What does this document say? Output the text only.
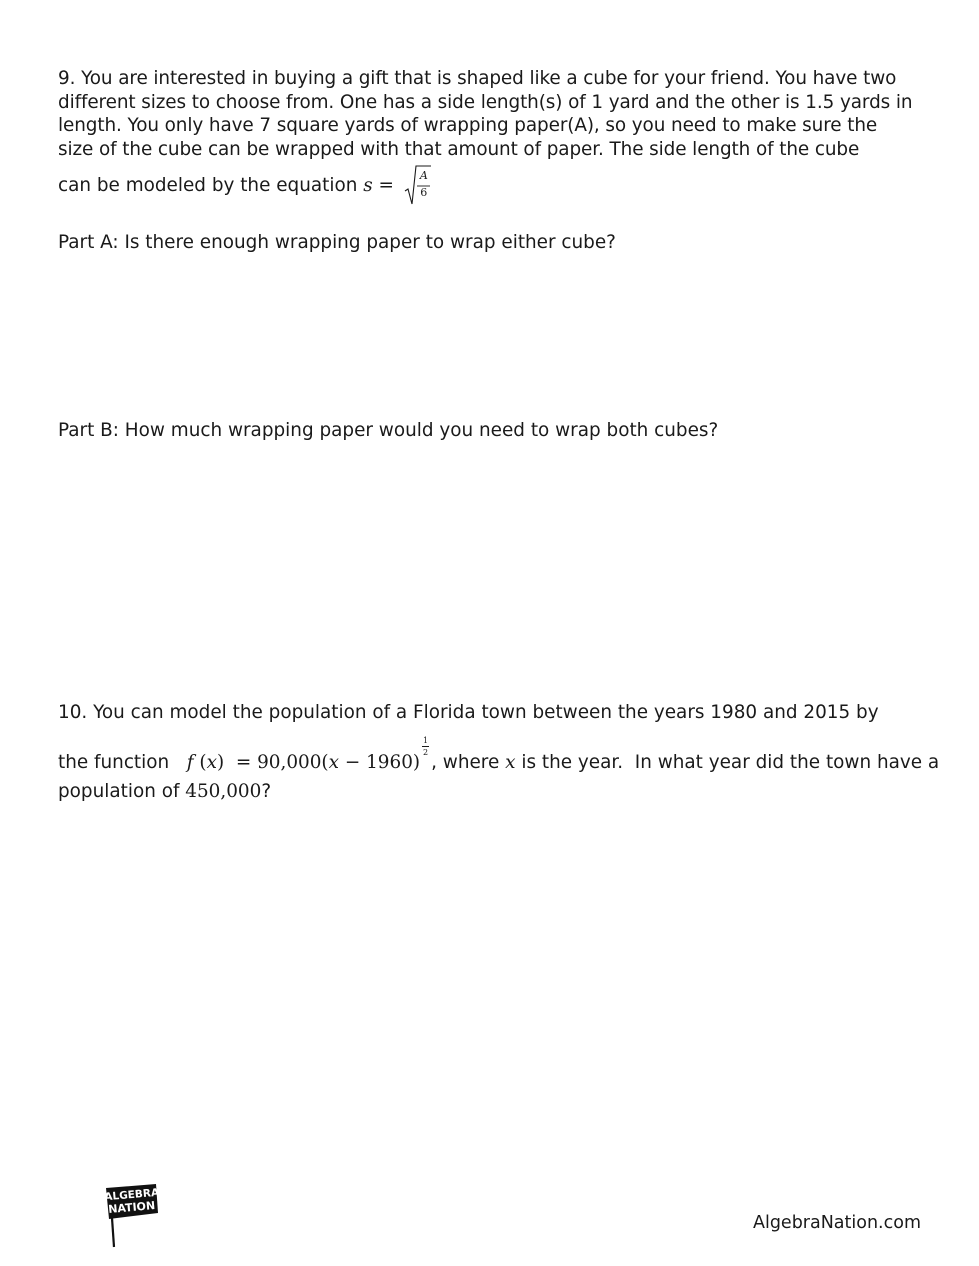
9. You are interested in buying a gift that is shaped like a cube for your friend. You have two
different sizes to choose from. One has a side length(s) of 1 yard and the other is 1.5 yards in
length. You only have 7 square yards of wrapping paper(A), so you need to make sure the
size of the cube can be wrapped with that amount of paper. The side length of the cube
can be modeled by the equation s = A
6
Part A: Is there enough wrapping paper to wrap either cube?
Part B: How much wrapping paper would you need to wrap both cubes?
10. You can model the population of a Florida town between the years 1980 and 2015 by
the function   f (x)  = 90,000(x − 1960)
$\frac{1}{2}$
, where x is the year.  In what year did the town have a
population of 450,000?
ALGEBRA
NATION
AlgebraNation.com
